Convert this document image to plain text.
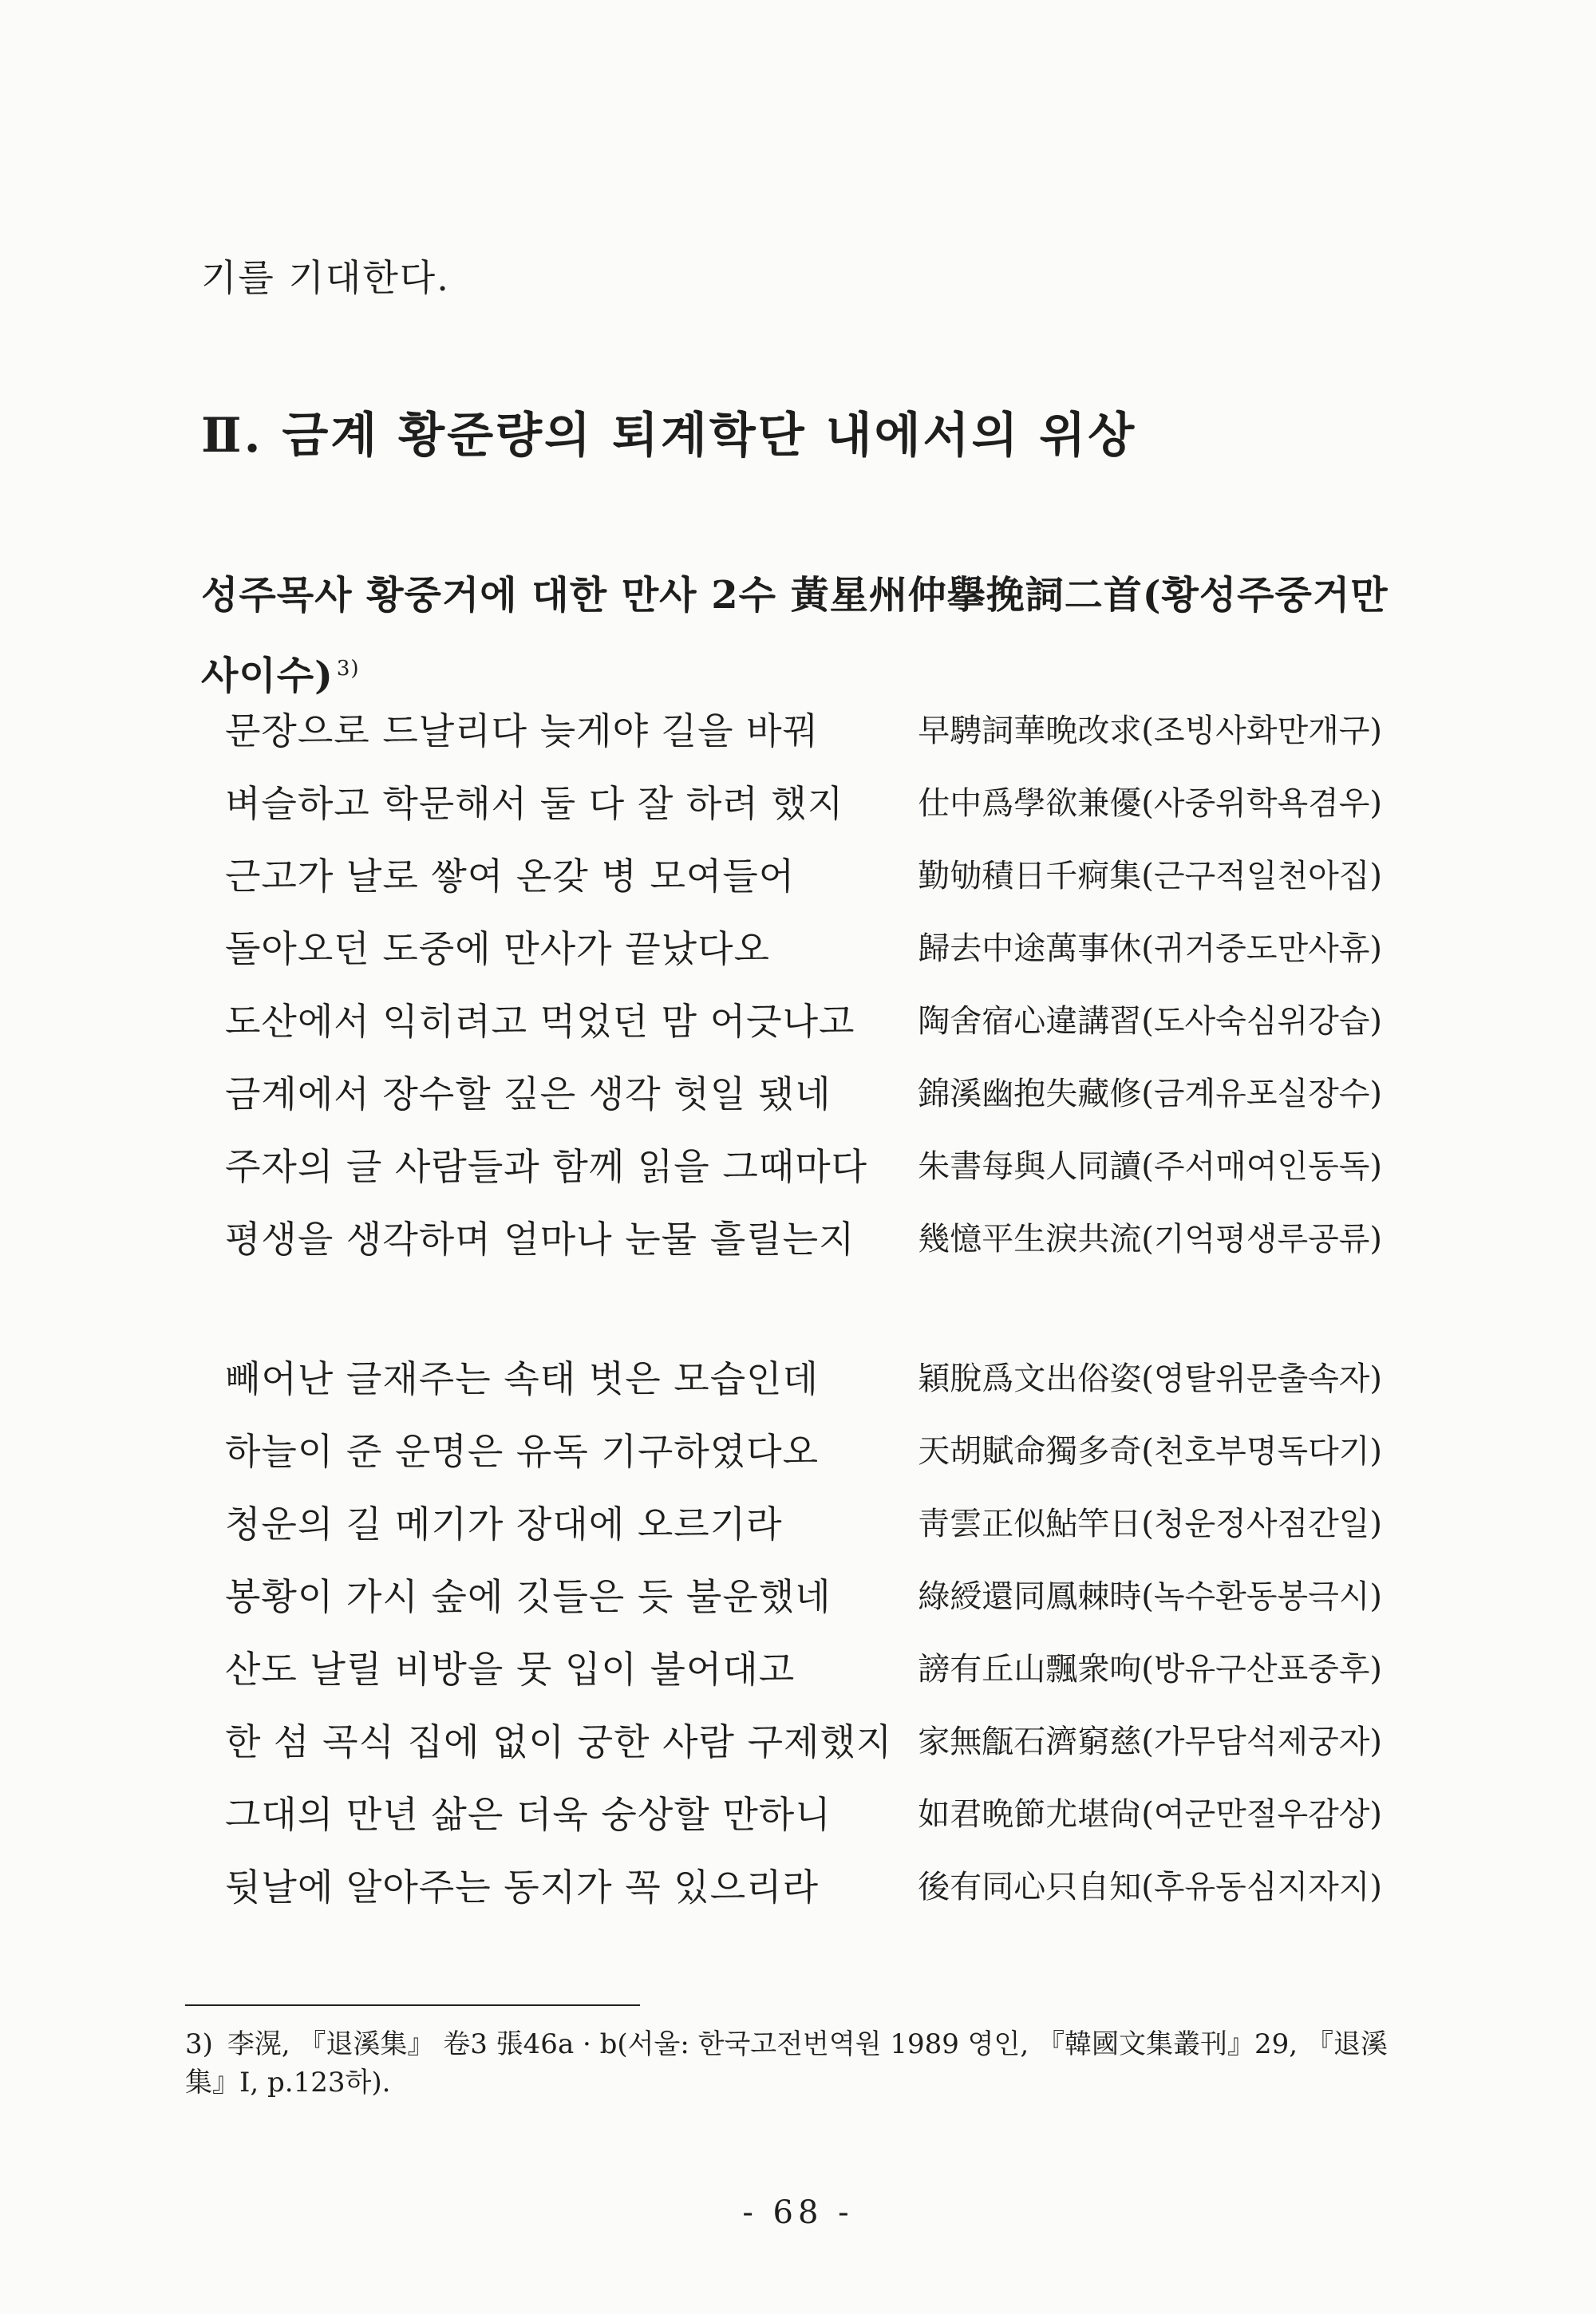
기를 기대한다.
Ⅱ. 금계 황준량의 퇴계학단 내에서의 위상
성주목사 황중거에 대한 만사 2수 黃星州仲擧挽詞二首(황성주중거만사이수) $^{3)}$
문장으로 드날리다 늦게야 길을 바꿔	早騁詞華晩改求(조빙사화만개구)
벼슬하고 학문해서 둘 다 잘 하려 했지 仕中爲學欲兼優(사중위학욕겸우)
근고가 날로 쌓여 온갖 병 모여들어	勤劬積日千痾集(근구적일천아집)
돌아오던 도중에 만사가 끝났다오	歸去中途萬事休(귀거중도만사휴)
도산에서 익히려고 먹었던 맘 어긋나고 陶舍宿心違講習(도사숙심위강습)
금계에서 장수할 깊은 생각 헛일 됐네	錦溪幽抱失藏修(금계유포실장수)
주자의 글 사람들과 함께 읽을 그때마다 朱書每與人同讀(주서매여인동독)
평생을 생각하며 얼마나 눈물 흘릴는지 幾憶平生淚共流(기억평생루공류)
빼어난 글재주는 속태 벗은 모습인데	穎脫爲文出俗姿(영탈위문출속자)
하늘이 준 운명은 유독 기구하였다오	天胡賦命獨多奇(천호부명독다기)
청운의 길 메기가 장대에 오르기라	靑雲正似鮎竿日(청운정사점간일)
봉황이 가시 숲에 깃들은 듯 불운했네	綠綬還同鳳棘時(녹수환동봉극시)
산도 날릴 비방을 뭇 입이 불어대고	謗有丘山飄衆呴(방유구산표중후)
한 섬 곡식 집에 없이 궁한 사람 구제했지 家無甔石濟窮慈(가무담석제궁자)
그대의 만년 삶은 더욱 숭상할 만하니	如君晩節尤堪尙(여군만절우감상)
뒷날에 알아주는 동지가 꼭 있으리라	後有同心只自知(후유동심지자지)
3) 李滉, 『退溪集』 卷3 張46a · b(서울: 한국고전번역원 1989 영인, 『韓國文集叢刊』29, 『退溪集』Ⅰ, p.123하).
- 68 -
